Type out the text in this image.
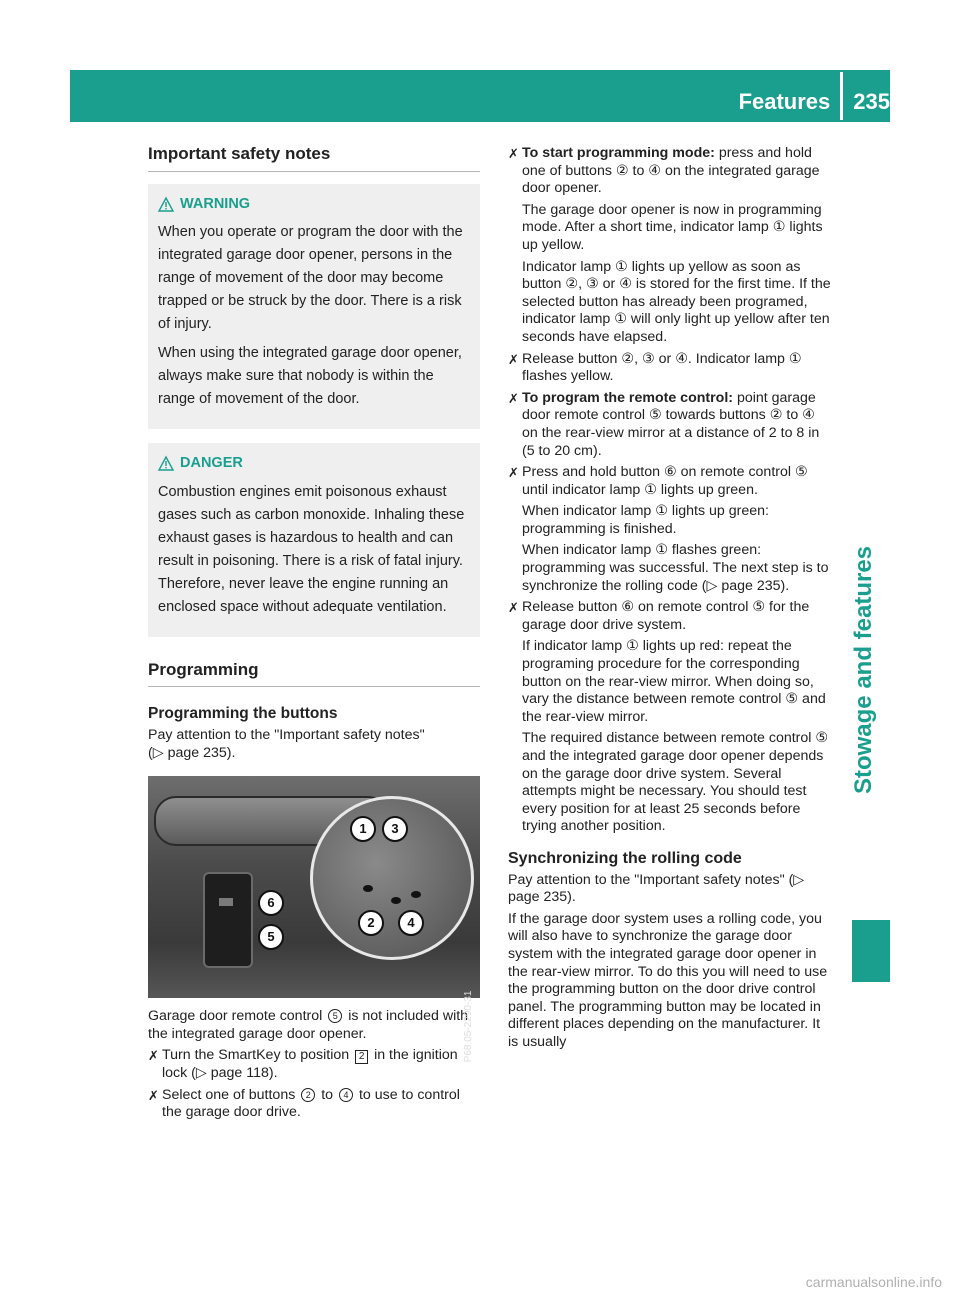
Features 235
Stowage and features
Important safety notes
WARNING

When you operate or program the door with the integrated garage door opener, persons in the range of movement of the door may become trapped or be struck by the door. There is a risk of injury.

When using the integrated garage door opener, always make sure that nobody is within the range of movement of the door.

DANGER

Combustion engines emit poisonous exhaust gases such as carbon monoxide. Inhaling these exhaust gases is hazardous to health and can result in poisoning. There is a risk of fatal injury. Therefore, never leave the engine running an enclosed space without adequate ventilation.

Programming
Programming the buttons

Pay attention to the "Important safety notes"
(▷ page 235).

6
5
1	3
2	4
P68.05-2290-31

Garage door remote control 5 is not included with the integrated garage door opener.

✗ Turn the SmartKey to position 2 in the ignition lock (▷ page 118).

✗ Select one of buttons 2 to 4 to use to control the garage door drive.

✗ To start programming mode: press and hold one of buttons ② to ④ on the integrated garage door opener.

The garage door opener is now in programming mode. After a short time, indicator lamp ① lights up yellow.

Indicator lamp ① lights up yellow as soon as button ②, ③ or ④ is stored for the first time. If the selected button has already been programed, indicator lamp ① will only light up yellow after ten seconds have elapsed.

✗ Release button ②, ③ or ④. Indicator lamp ① flashes yellow.

✗ To program the remote control: point garage door remote control ⑤ towards buttons ② to ④ on the rear-view mirror at a distance of 2 to 8 in (5 to 20 cm).

✗ Press and hold button ⑥ on remote control ⑤ until indicator lamp ① lights up green.

When indicator lamp ① lights up green: programming is finished.

When indicator lamp ① flashes green: programming was successful. The next step is to synchronize the rolling code (▷ page 235).

✗ Release button ⑥ on remote control ⑤ for the garage door drive system.

If indicator lamp ① lights up red: repeat the programing procedure for the corresponding button on the rear-view mirror. When doing so, vary the distance between remote control ⑤ and the rear-view mirror.

The required distance between remote control ⑤ and the integrated garage door opener depends on the garage door drive system. Several attempts might be necessary. You should test every position for at least 25 seconds before trying another position.

Synchronizing the rolling code

Pay attention to the "Important safety notes" (▷ page 235).

If the garage door system uses a rolling code, you will also have to synchronize the garage door system with the integrated garage door opener in the rear-view mirror. To do this you will need to use the programming button on the door drive control panel. The programming button may be located in different places depending on the manufacturer. It is usually

carmanualsonline.info
